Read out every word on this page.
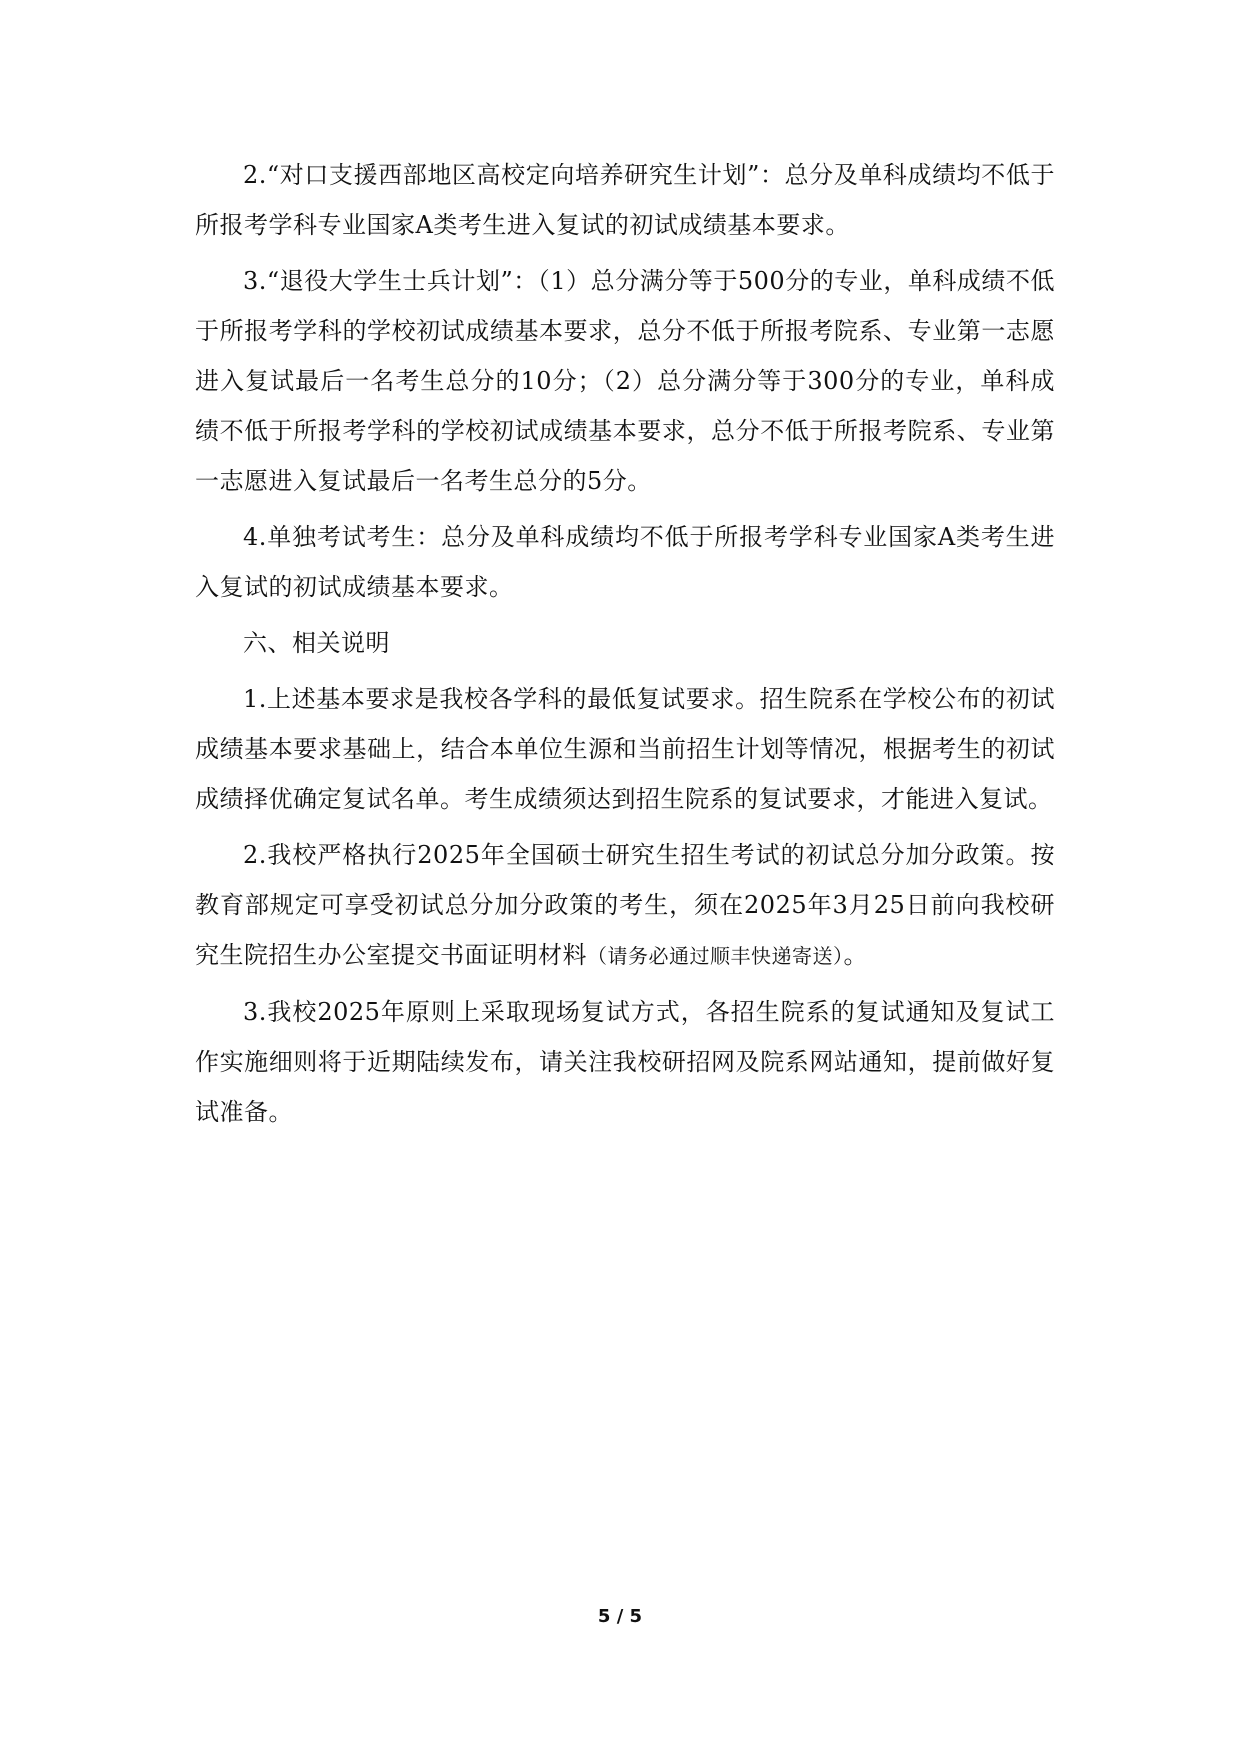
2.“对口支援西部地区高校定向培养研究生计划”：总分及单科成绩均不低于所报考学科专业国家A类考生进入复试的初试成绩基本要求。

3.“退役大学生士兵计划”：（1）总分满分等于500分的专业，单科成绩不低于所报考学科的学校初试成绩基本要求，总分不低于所报考院系、专业第一志愿进入复试最后一名考生总分的10分；（2）总分满分等于300分的专业，单科成绩不低于所报考学科的学校初试成绩基本要求，总分不低于所报考院系、专业第一志愿进入复试最后一名考生总分的5分。

4.单独考试考生：总分及单科成绩均不低于所报考学科专业国家A类考生进入复试的初试成绩基本要求。

六、相关说明

1.上述基本要求是我校各学科的最低复试要求。招生院系在学校公布的初试成绩基本要求基础上，结合本单位生源和当前招生计划等情况，根据考生的初试成绩择优确定复试名单。考生成绩须达到招生院系的复试要求，才能进入复试。

2.我校严格执行2025年全国硕士研究生招生考试的初试总分加分政策。按教育部规定可享受初试总分加分政策的考生，须在2025年3月25日前向我校研究生院招生办公室提交书面证明材料（请务必通过顺丰快递寄送）。

3.我校2025年原则上采取现场复试方式，各招生院系的复试通知及复试工作实施细则将于近期陆续发布，请关注我校研招网及院系网站通知，提前做好复试准备。

5 / 5
